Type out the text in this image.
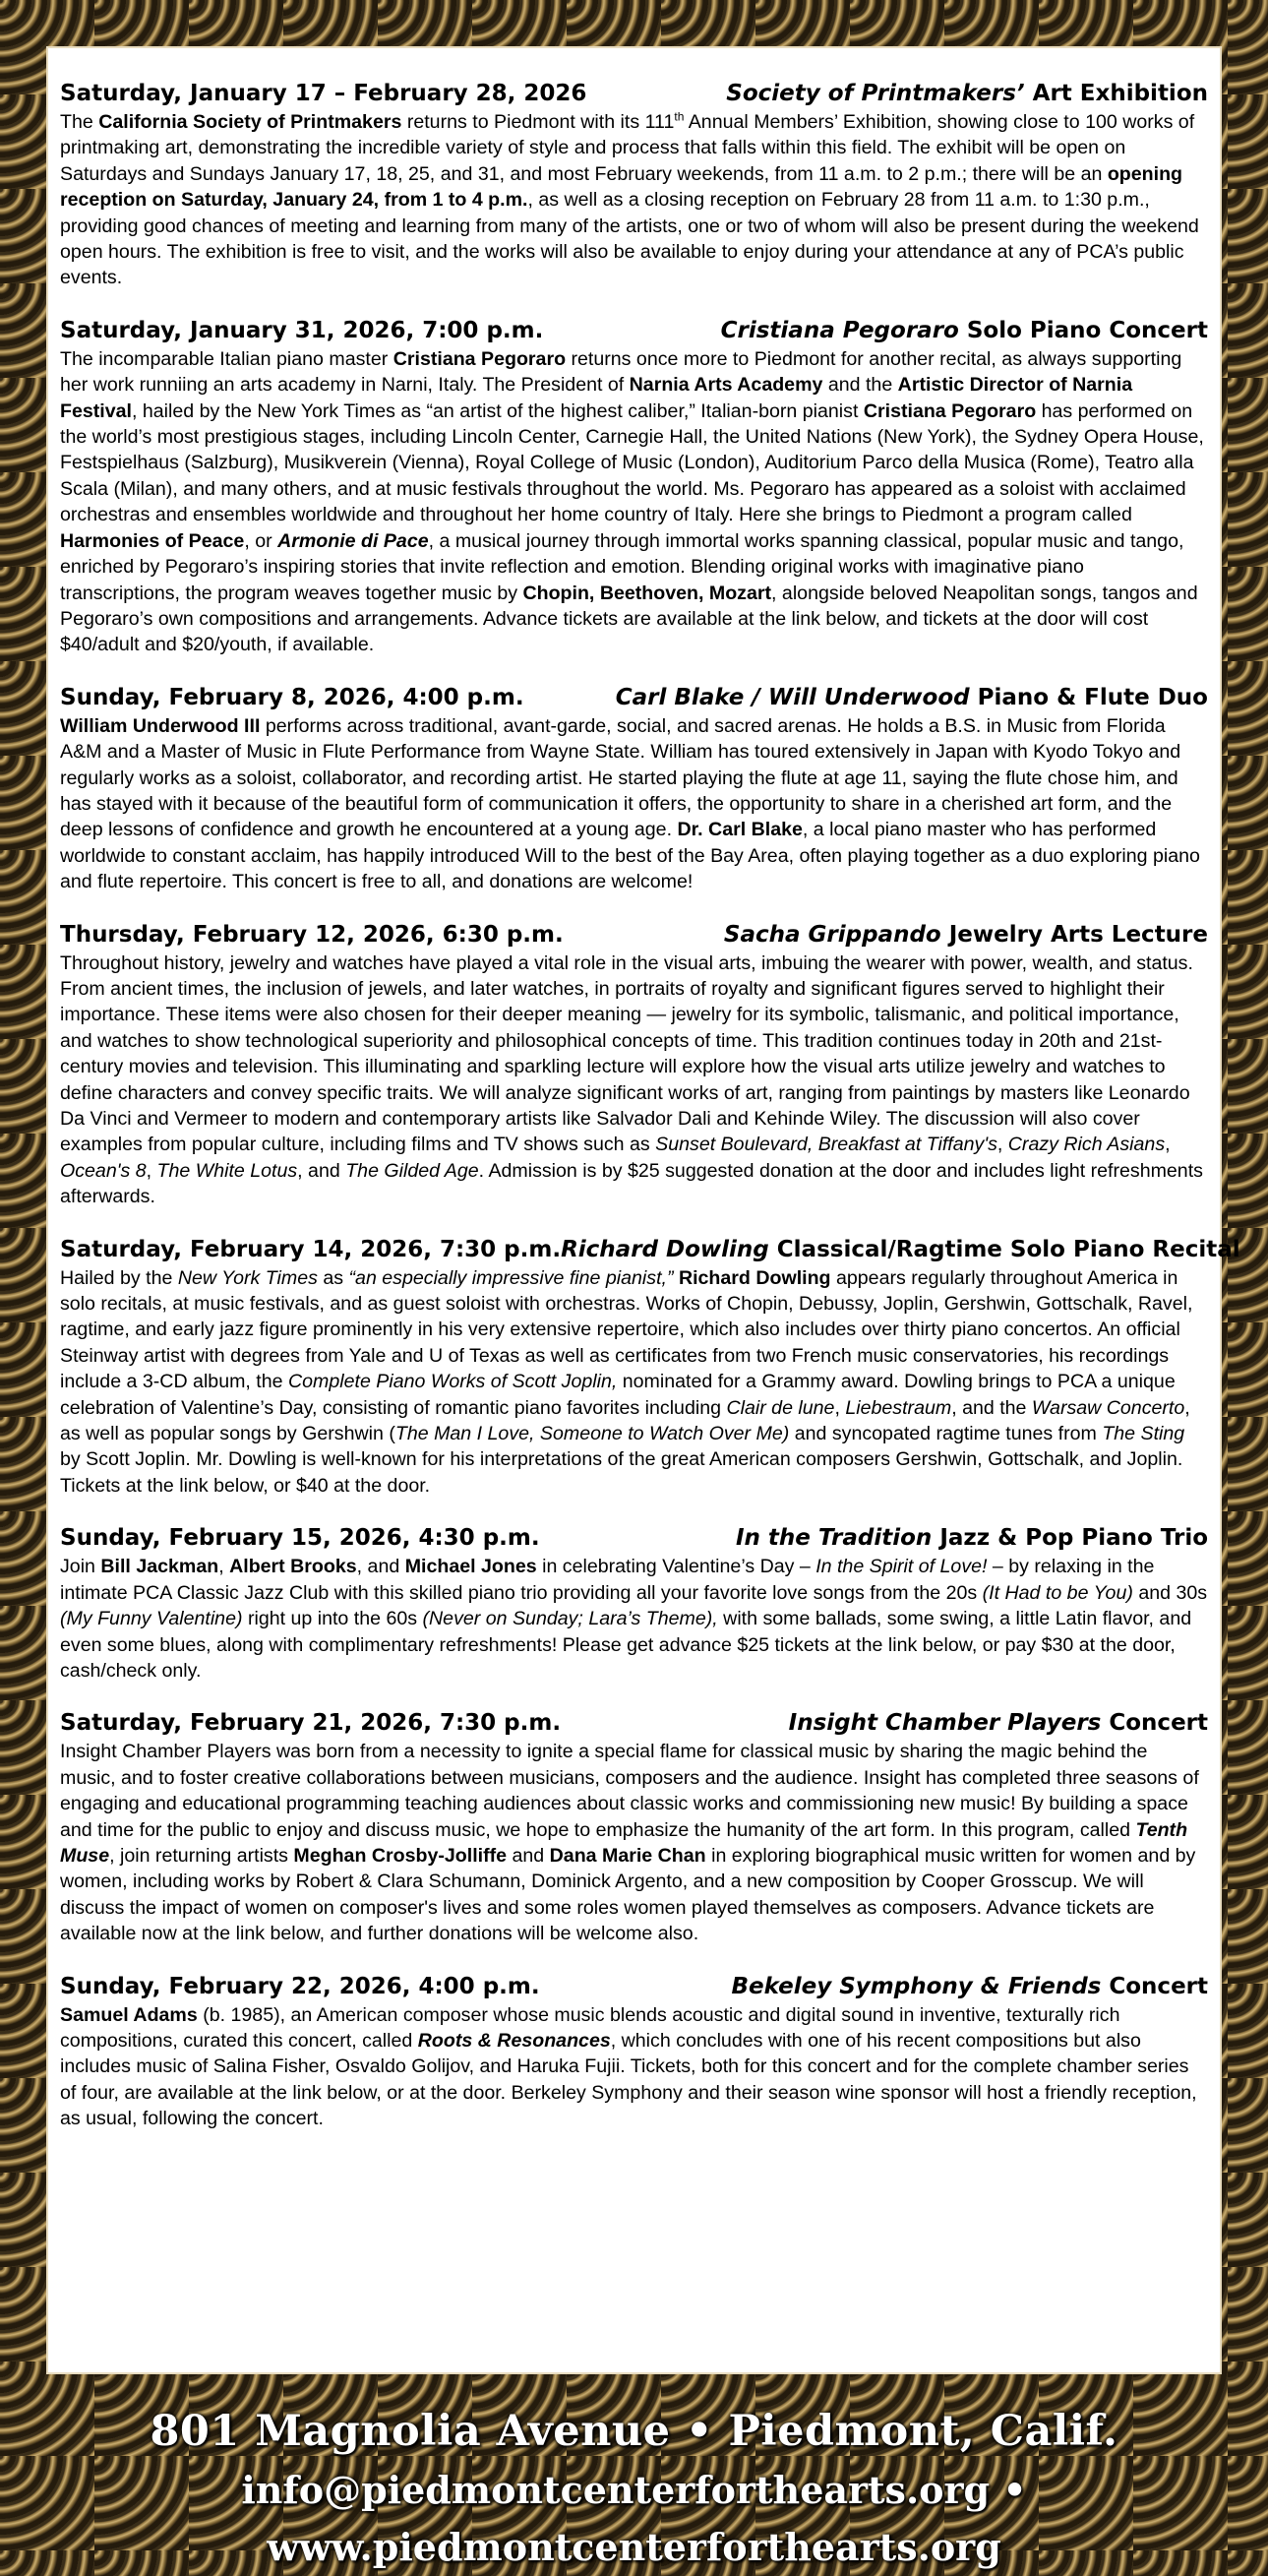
Saturday, January 17 – February 28, 2026	Society of Printmakers’ Art Exhibition
The California Society of Printmakers returns to Piedmont with its 111th Annual Members’ Exhibition, showing close to 100 works of printmaking art, demonstrating the incredible variety of style and process that falls within this field. The exhibit will be open on Saturdays and Sundays January 17, 18, 25, and 31, and most February weekends, from 11 a.m. to 2 p.m.; there will be an opening reception on Saturday, January 24, from 1 to 4 p.m., as well as a closing reception on February 28 from 11 a.m. to 1:30 p.m., providing good chances of meeting and learning from many of the artists, one or two of whom will also be present during the weekend open hours. The exhibition is free to visit, and the works will also be available to enjoy during your attendance at any of PCA’s public events.
Saturday, January 31, 2026, 7:00 p.m.	Cristiana Pegoraro Solo Piano Concert
The incomparable Italian piano master Cristiana Pegoraro returns once more to Piedmont for another recital, as always supporting her work runniing an arts academy in Narni, Italy. The President of Narnia Arts Academy and the Artistic Director of Narnia Festival, hailed by the New York Times as “an artist of the highest caliber,” Italian-born pianist Cristiana Pegoraro has performed on the world’s most prestigious stages, including Lincoln Center, Carnegie Hall, the United Nations (New York), the Sydney Opera House, Festspielhaus (Salzburg), Musikverein (Vienna), Royal College of Music (London), Auditorium Parco della Musica (Rome), Teatro alla Scala (Milan), and many others, and at music festivals throughout the world. Ms. Pegoraro has appeared as a soloist with acclaimed orchestras and ensembles worldwide and throughout her home country of Italy. Here she brings to Piedmont a program called Harmonies of Peace, or Armonie di Pace, a musical journey through immortal works spanning classical, popular music and tango, enriched by Pegoraro’s inspiring stories that invite reflection and emotion. Blending original works with imaginative piano transcriptions, the program weaves together music by Chopin, Beethoven, Mozart, alongside beloved Neapolitan songs, tangos and Pegoraro’s own compositions and arrangements. Advance tickets are available at the link below, and tickets at the door will cost $40/adult and $20/youth, if available.
Sunday, February 8, 2026, 4:00 p.m.	Carl Blake / Will Underwood Piano & Flute Duo
William Underwood III performs across traditional, avant-garde, social, and sacred arenas. He holds a B.S. in Music from Florida A&M and a Master of Music in Flute Performance from Wayne State. William has toured extensively in Japan with Kyodo Tokyo and regularly works as a soloist, collaborator, and recording artist. He started playing the flute at age 11, saying the flute chose him, and has stayed with it because of the beautiful form of communication it offers, the opportunity to share in a cherished art form, and the deep lessons of confidence and growth he encountered at a young age. Dr. Carl Blake, a local piano master who has performed worldwide to constant acclaim, has happily introduced Will to the best of the Bay Area, often playing together as a duo exploring piano and flute repertoire. This concert is free to all, and donations are welcome!
Thursday, February 12, 2026, 6:30 p.m.	Sacha Grippando Jewelry Arts Lecture
Throughout history, jewelry and watches have played a vital role in the visual arts, imbuing the wearer with power, wealth, and status. From ancient times, the inclusion of jewels, and later watches, in portraits of royalty and significant figures served to highlight their importance. These items were also chosen for their deeper meaning — jewelry for its symbolic, talismanic, and political importance, and watches to show technological superiority and philosophical concepts of time. This tradition continues today in 20th and 21st-century movies and television. This illuminating and sparkling lecture will explore how the visual arts utilize jewelry and watches to define characters and convey specific traits. We will analyze significant works of art, ranging from paintings by masters like Leonardo Da Vinci and Vermeer to modern and contemporary artists like Salvador Dali and Kehinde Wiley. The discussion will also cover examples from popular culture, including films and TV shows such as Sunset Boulevard, Breakfast at Tiffany's, Crazy Rich Asians, Ocean's 8, The White Lotus, and The Gilded Age. Admission is by $25 suggested donation at the door and includes light refreshments afterwards.
Saturday, February 14, 2026, 7:30 p.m. Richard Dowling Classical/Ragtime Solo Piano Recital
Hailed by the New York Times as “an especially impressive fine pianist,” Richard Dowling appears regularly throughout America in solo recitals, at music festivals, and as guest soloist with orchestras. Works of Chopin, Debussy, Joplin, Gershwin, Gottschalk, Ravel, ragtime, and early jazz figure prominently in his very extensive repertoire, which also includes over thirty piano concertos. An official Steinway artist with degrees from Yale and U of Texas as well as certificates from two French music conservatories, his recordings include a 3-CD album, the Complete Piano Works of Scott Joplin, nominated for a Grammy award. Dowling brings to PCA a unique celebration of Valentine’s Day, consisting of romantic piano favorites including Clair de lune, Liebestraum, and the Warsaw Concerto, as well as popular songs by Gershwin (The Man I Love, Someone to Watch Over Me) and syncopated ragtime tunes from The Sting by Scott Joplin. Mr. Dowling is well-known for his interpretations of the great American composers Gershwin, Gottschalk, and Joplin. Tickets at the link below, or $40 at the door.
Sunday, February 15, 2026, 4:30 p.m.	In the Tradition Jazz & Pop Piano Trio
Join Bill Jackman, Albert Brooks, and Michael Jones in celebrating Valentine’s Day – In the Spirit of Love! – by relaxing in the intimate PCA Classic Jazz Club with this skilled piano trio providing all your favorite love songs from the 20s (It Had to be You) and 30s (My Funny Valentine) right up into the 60s (Never on Sunday; Lara’s Theme), with some ballads, some swing, a little Latin flavor, and even some blues, along with complimentary refreshments! Please get advance $25 tickets at the link below, or pay $30 at the door, cash/check only.
Saturday, February 21, 2026, 7:30 p.m.	Insight Chamber Players Concert
Insight Chamber Players was born from a necessity to ignite a special flame for classical music by sharing the magic behind the music, and to foster creative collaborations between musicians, composers and the audience. Insight has completed three seasons of engaging and educational programming teaching audiences about classic works and commissioning new music! By building a space and time for the public to enjoy and discuss music, we hope to emphasize the humanity of the art form. In this program, called Tenth Muse, join returning artists Meghan Crosby-Jolliffe and Dana Marie Chan in exploring biographical music written for women and by women, including works by Robert & Clara Schumann, Dominick Argento, and a new composition by Cooper Grosscup. We will discuss the impact of women on composer's lives and some roles women played themselves as composers. Advance tickets are available now at the link below, and further donations will be welcome also.
Sunday, February 22, 2026, 4:00 p.m.	Bekeley Symphony & Friends Concert
Samuel Adams (b. 1985), an American composer whose music blends acoustic and digital sound in inventive, texturally rich compositions, curated this concert, called Roots & Resonances, which concludes with one of his recent compositions but also includes music of Salina Fisher, Osvaldo Golijov, and Haruka Fujii. Tickets, both for this concert and for the complete chamber series of four, are available at the link below, or at the door. Berkeley Symphony and their season wine sponsor will host a friendly reception, as usual, following the concert.
801 Magnolia Avenue • Piedmont, Calif.
info@piedmontcenterforthearts.org • www.piedmontcenterforthearts.org
